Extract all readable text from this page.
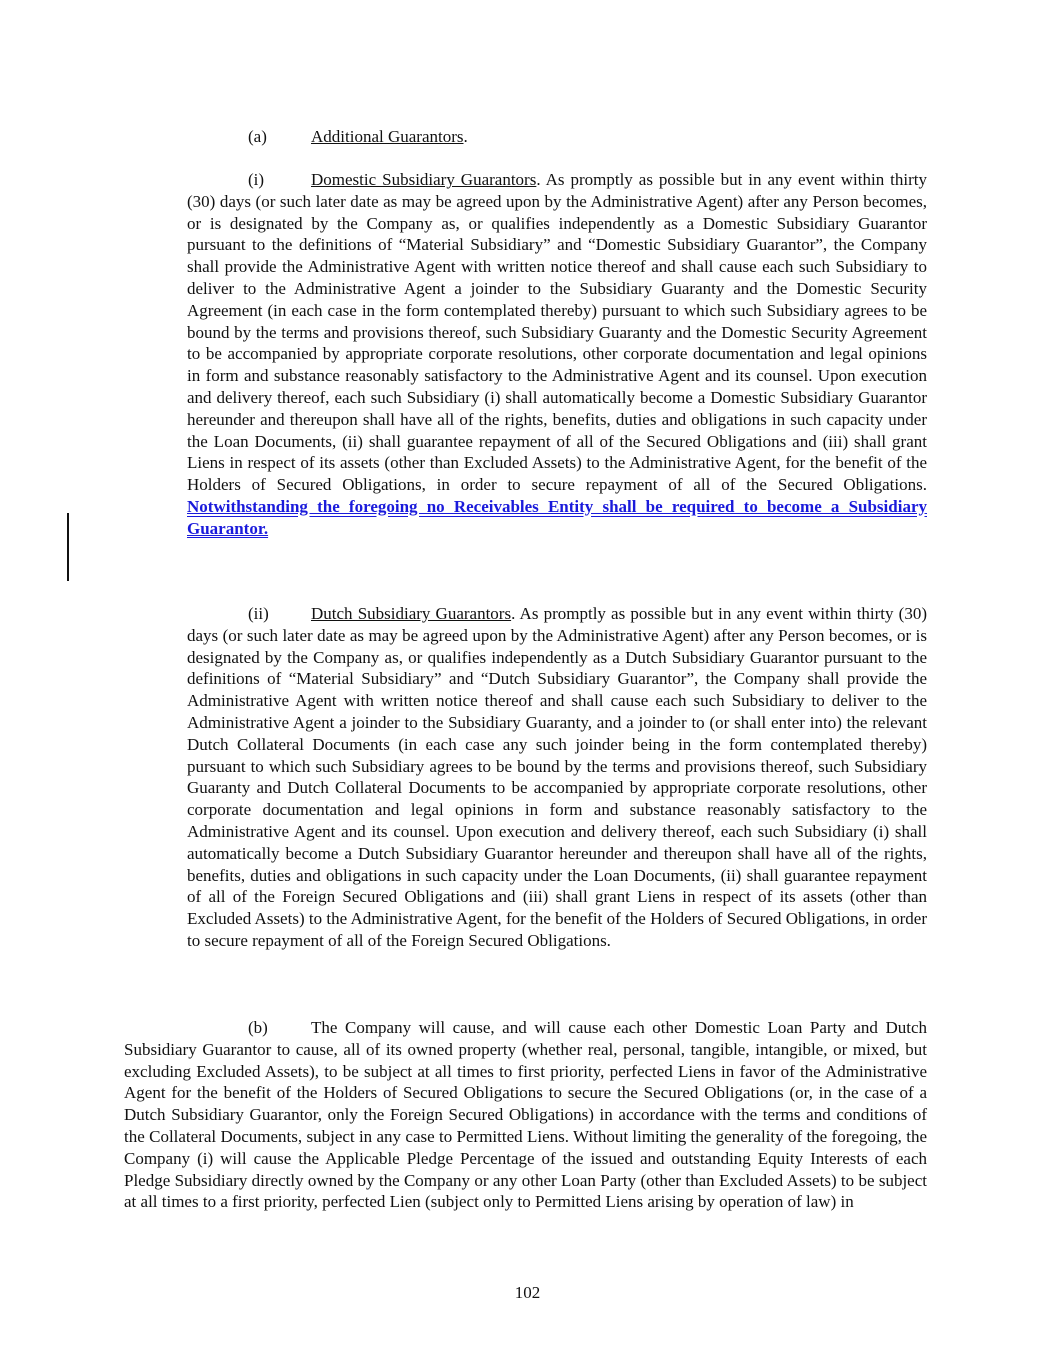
(a)	Additional Guarantors.

(i)	Domestic Subsidiary Guarantors. As promptly as possible but in any event within thirty (30) days (or such later date as may be agreed upon by the Administrative Agent) after any Person becomes, or is designated by the Company as, or qualifies independently as a Domestic Subsidiary Guarantor pursuant to the definitions of “Material Subsidiary” and “Domestic Subsidiary Guarantor”, the Company shall provide the Administrative Agent with written notice thereof and shall cause each such Subsidiary to deliver to the Administrative Agent a joinder to the Subsidiary Guaranty and the Domestic Security Agreement (in each case in the form contemplated thereby) pursuant to which such Subsidiary agrees to be bound by the terms and provisions thereof, such Subsidiary Guaranty and the Domestic Security Agreement to be accompanied by appropriate corporate resolutions, other corporate documentation and legal opinions in form and substance reasonably satisfactory to the Administrative Agent and its counsel. Upon execution and delivery thereof, each such Subsidiary (i) shall automatically become a Domestic Subsidiary Guarantor hereunder and thereupon shall have all of the rights, benefits, duties and obligations in such capacity under the Loan Documents, (ii) shall guarantee repayment of all of the Secured Obligations and (iii) shall grant Liens in respect of its assets (other than Excluded Assets) to the Administrative Agent, for the benefit of the Holders of Secured Obligations, in order to secure repayment of all of the Secured Obligations. Notwithstanding the foregoing no Receivables Entity shall be required to become a Subsidiary Guarantor.

(ii) Dutch Subsidiary Guarantors. As promptly as possible but in any event within thirty (30) days (or such later date as may be agreed upon by the Administrative Agent) after any Person becomes, or is designated by the Company as, or qualifies independently as a Dutch Subsidiary Guarantor pursuant to the definitions of “Material Subsidiary” and “Dutch Subsidiary Guarantor”, the Company shall provide the Administrative Agent with written notice thereof and shall cause each such Subsidiary to deliver to the Administrative Agent a joinder to the Subsidiary Guaranty, and a joinder to (or shall enter into) the relevant Dutch Collateral Documents (in each case any such joinder being in the form contemplated thereby) pursuant to which such Subsidiary agrees to be bound by the terms and provisions thereof, such Subsidiary Guaranty and Dutch Collateral Documents to be accompanied by appropriate corporate resolutions, other corporate documentation and legal opinions in form and substance reasonably satisfactory to the Administrative Agent and its counsel. Upon execution and delivery thereof, each such Subsidiary (i) shall automatically become a Dutch Subsidiary Guarantor hereunder and thereupon shall have all of the rights, benefits, duties and obligations in such capacity under the Loan Documents, (ii) shall guarantee repayment of all of the Foreign Secured Obligations and (iii) shall grant Liens in respect of its assets (other than Excluded Assets) to the Administrative Agent, for the benefit of the Holders of Secured Obligations, in order to secure repayment of all of the Foreign Secured Obligations.

(b)	The Company will cause, and will cause each other Domestic Loan Party and Dutch Subsidiary Guarantor to cause, all of its owned property (whether real, personal, tangible, intangible, or mixed, but excluding Excluded Assets), to be subject at all times to first priority, perfected Liens in favor of the Administrative Agent for the benefit of the Holders of Secured Obligations to secure the Secured Obligations (or, in the case of a Dutch Subsidiary Guarantor, only the Foreign Secured Obligations) in accordance with the terms and conditions of the Collateral Documents, subject in any case to Permitted Liens. Without limiting the generality of the foregoing, the Company (i) will cause the Applicable Pledge Percentage of the issued and outstanding Equity Interests of each Pledge Subsidiary directly owned by the Company or any other Loan Party (other than Excluded Assets) to be subject at all times to a first priority, perfected Lien (subject only to Permitted Liens arising by operation of law) in

102
